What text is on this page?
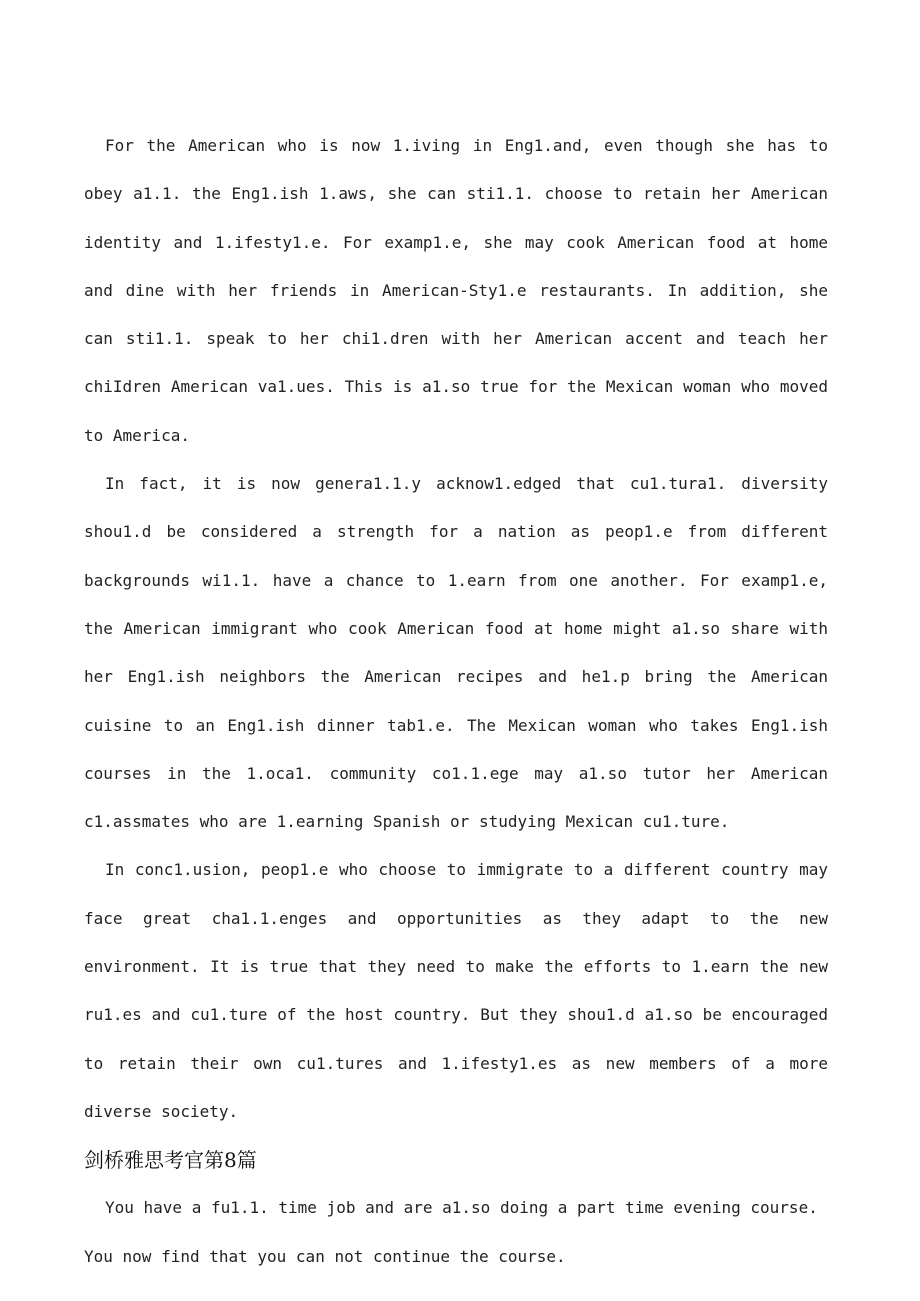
For the American who is now 1.iving in Eng1.and, even though she has to obey a1.1. the Eng1.ish 1.aws, she can sti1.1. choose to retain her American identity and 1.ifesty1.e. For examp1.e, she may cook American food at home and dine with her friends in American-Sty1.e restaurants. In addition, she can sti1.1. speak to her chi1.dren with her American accent and teach her chiIdren American va1.ues. This is a1.so true for the Mexican woman who moved to America.

In fact, it is now genera1.1.y acknow1.edged that cu1.tura1. diversity shou1.d be considered a strength for a nation as peop1.e from different backgrounds wi1.1. have a chance to 1.earn from one another. For examp1.e, the American immigrant who cook American food at home might a1.so share with her Eng1.ish neighbors the American recipes and he1.p bring the American cuisine to an Eng1.ish dinner tab1.e. The Mexican woman who takes Eng1.ish courses in the 1.oca1. community co1.1.ege may a1.so tutor her American c1.assmates who are 1.earning Spanish or studying Mexican cu1.ture.

In conc1.usion, peop1.e who choose to immigrate to a different country may face great cha1.1.enges and opportunities as they adapt to the new environment. It is true that they need to make the efforts to 1.earn the new ru1.es and cu1.ture of the host country. But they shou1.d a1.so be encouraged to retain their own cu1.tures and 1.ifesty1.es as new members of a more diverse society.

剑桥雅思考官第8篇

You have a fu1.1. time job and are a1.so doing a part time evening course. You now find that you can not continue the course.
